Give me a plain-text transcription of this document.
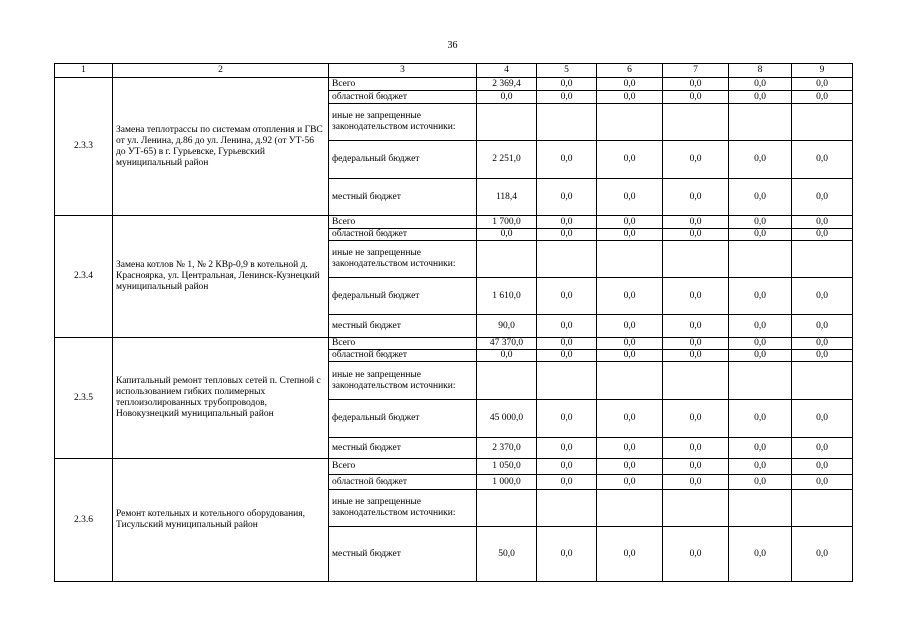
36
1	2	3	4	5	6	7	8	9
2.3.3	Замена теплотрассы по системам отопления и ГВС от ул. Ленина, д.86 до ул. Ленина, д.92 (от УТ-56 до УТ-65) в г. Гурьевске, Гурьевский муниципальный район	Всего	2 369,4	0,0	0,0	0,0	0,0	0,0
		областной бюджет	0,0	0,0	0,0	0,0	0,0	0,0
		иные не запрещенные законодательством источники:						
		федеральный бюджет	2 251,0	0,0	0,0	0,0	0,0	0,0
		местный бюджет	118,4	0,0	0,0	0,0	0,0	0,0
2.3.4	Замена котлов № 1, № 2 КВр-0,9 в котельной д. Красноярка, ул. Центральная, Ленинск-Кузнецкий муниципальный район	Всего	1 700,0	0,0	0,0	0,0	0,0	0,0
		областной бюджет	0,0	0,0	0,0	0,0	0,0	0,0
		иные не запрещенные законодательством источники:						
		федеральный бюджет	1 610,0	0,0	0,0	0,0	0,0	0,0
		местный бюджет	90,0	0,0	0,0	0,0	0,0	0,0
2.3.5	Капитальный ремонт тепловых сетей п. Степной с использованием гибких полимерных теплоизолированных трубопроводов, Новокузнецкий муниципальный район	Всего	47 370,0	0,0	0,0	0,0	0,0	0,0
		областной бюджет	0,0	0,0	0,0	0,0	0,0	0,0
		иные не запрещенные законодательством источники:						
		федеральный бюджет	45 000,0	0,0	0,0	0,0	0,0	0,0
		местный бюджет	2 370,0	0,0	0,0	0,0	0,0	0,0
2.3.6	Ремонт котельных и котельного оборудования, Тисульский муниципальный район	Всего	1 050,0	0,0	0,0	0,0	0,0	0,0
		областной бюджет	1 000,0	0,0	0,0	0,0	0,0	0,0
		иные не запрещенные законодательством источники:						
		местный бюджет	50,0	0,0	0,0	0,0	0,0	0,0
